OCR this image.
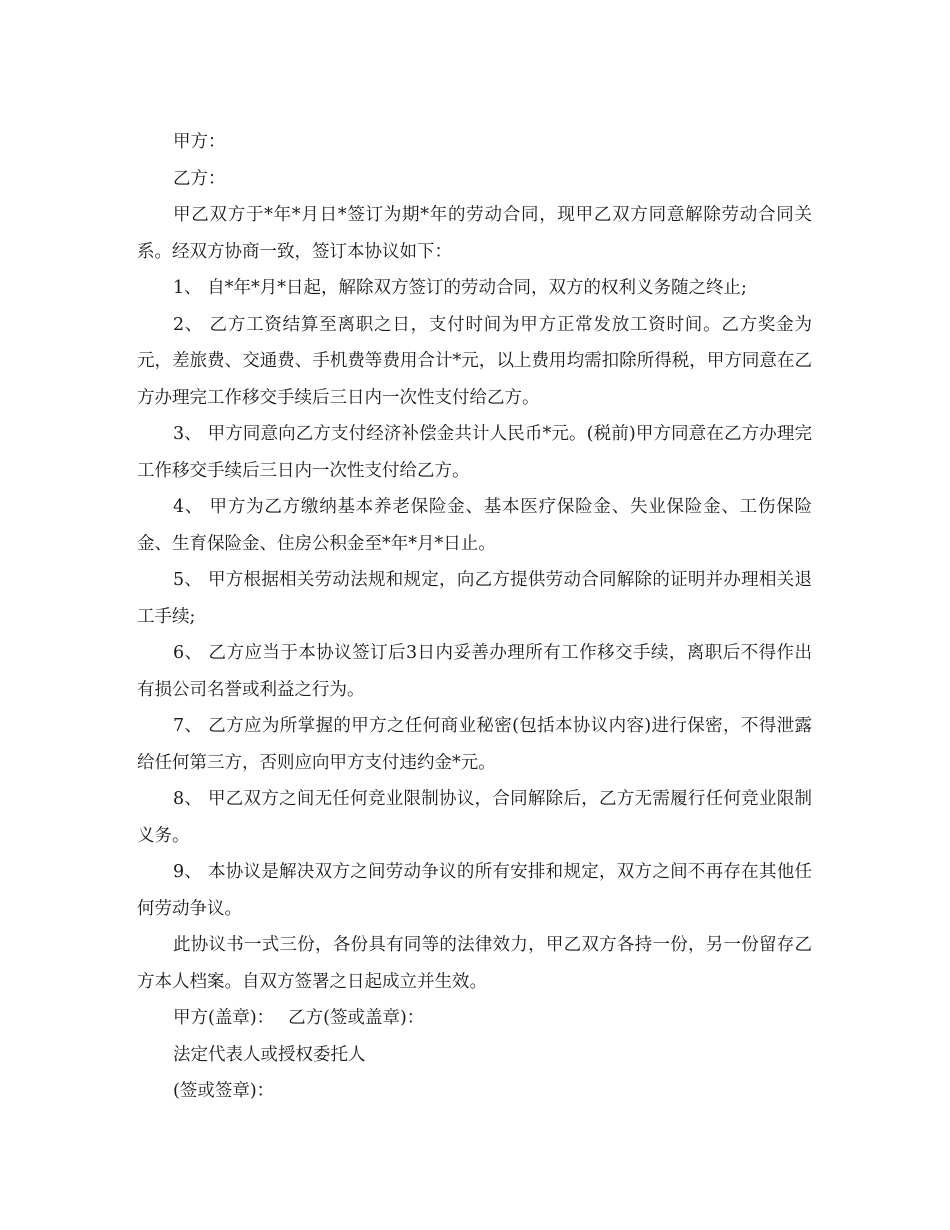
甲方：

乙方：

甲乙双方于*年*月日*签订为期*年的劳动合同，现甲乙双方同意解除劳动合同关系。经双方协商一致，签订本协议如下：

1、 自*年*月*日起，解除双方签订的劳动合同，双方的权利义务随之终止;

2、 乙方工资结算至离职之日，支付时间为甲方正常发放工资时间。乙方奖金为元，差旅费、交通费、手机费等费用合计*元，以上费用均需扣除所得税，甲方同意在乙方办理完工作移交手续后三日内一次性支付给乙方。

3、 甲方同意向乙方支付经济补偿金共计人民币*元。(税前)甲方同意在乙方办理完工作移交手续后三日内一次性支付给乙方。

4、 甲方为乙方缴纳基本养老保险金、基本医疗保险金、失业保险金、工伤保险金、生育保险金、住房公积金至*年*月*日止。

5、 甲方根据相关劳动法规和规定，向乙方提供劳动合同解除的证明并办理相关退工手续;

6、 乙方应当于本协议签订后3日内妥善办理所有工作移交手续，离职后不得作出有损公司名誉或利益之行为。

7、 乙方应为所掌握的甲方之任何商业秘密(包括本协议内容)进行保密，不得泄露给任何第三方，否则应向甲方支付违约金*元。

8、 甲乙双方之间无任何竞业限制协议，合同解除后，乙方无需履行任何竞业限制义务。

9、 本协议是解决双方之间劳动争议的所有安排和规定，双方之间不再存在其他任何劳动争议。

此协议书一式三份，各份具有同等的法律效力，甲乙双方各持一份，另一份留存乙方本人档案。自双方签署之日起成立并生效。

甲方(盖章)： 乙方(签或盖章)：

法定代表人或授权委托人

(签或签章)：
